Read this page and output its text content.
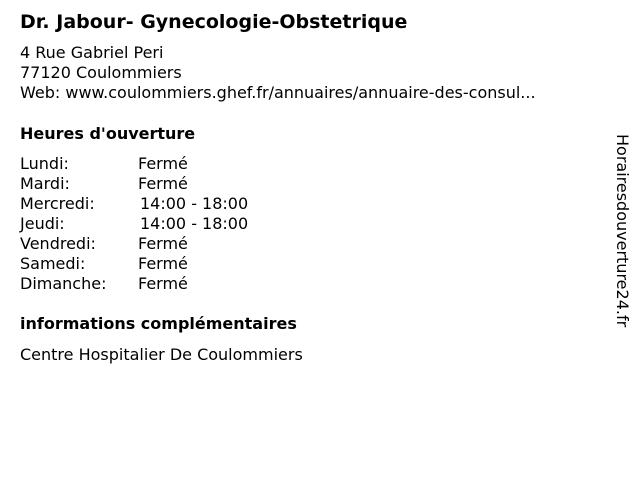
Dr. Jabour- Gynecologie-Obstetrique
4 Rue Gabriel Peri
77120 Coulommiers
Web: www.coulommiers.ghef.fr/annuaires/annuaire-des-consul...
Heures d'ouverture
Lundi:	Fermé
Mardi:	Fermé
Mercredi:	14:00 - 18:00
Jeudi:	14:00 - 18:00
Vendredi:	Fermé
Samedi:	Fermé
Dimanche: Fermé
informations complémentaires
Centre Hospitalier De Coulommiers
Horairesdouverture24.fr
